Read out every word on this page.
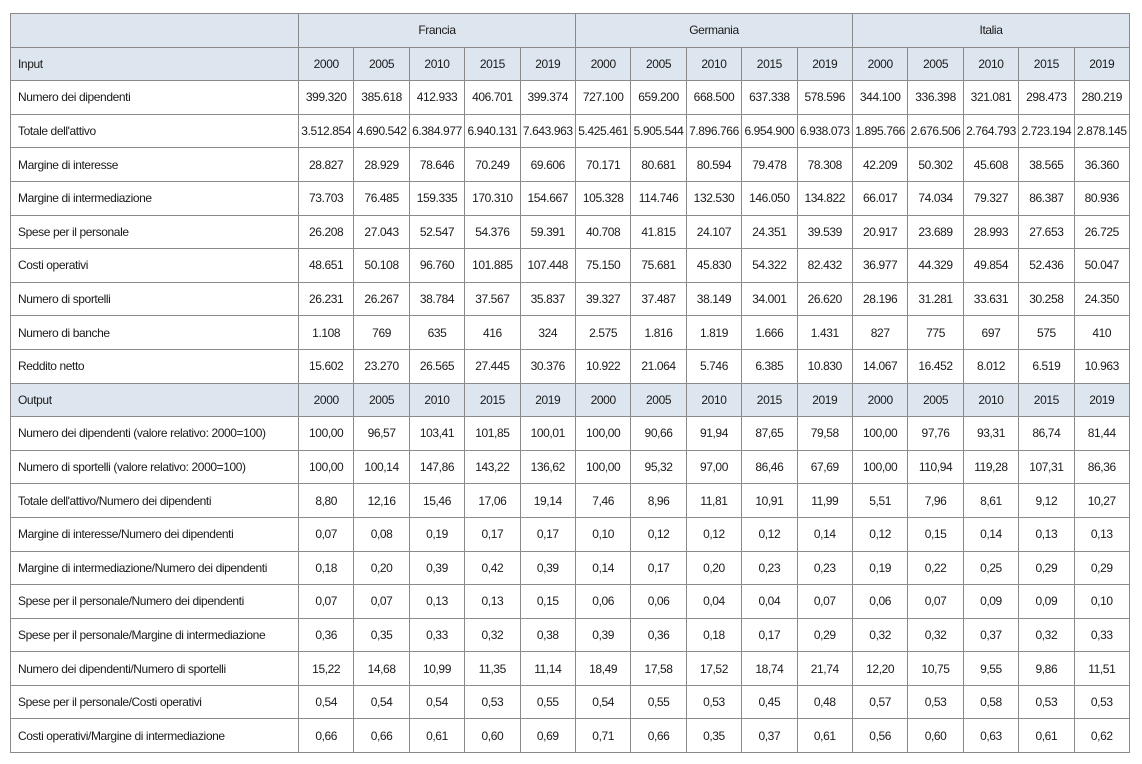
	Francia					Germania					Italia				
Input	2000	2005	2010	2015	2019	2000	2005	2010	2015	2019	2000	2005	2010	2015	2019
Numero dei dipendenti	399.320	385.618	412.933	406.701	399.374	727.100	659.200	668.500	637.338	578.596	344.100	336.398	321.081	298.473	280.219
Totale dell'attivo	3.512.854	4.690.542	6.384.977	6.940.131	7.643.963	5.425.461	5.905.544	7.896.766	6.954.900	6.938.073	1.895.766	2.676.506	2.764.793	2.723.194	2.878.145
Margine di interesse	28.827	28.929	78.646	70.249	69.606	70.171	80.681	80.594	79.478	78.308	42.209	50.302	45.608	38.565	36.360
Margine di intermediazione	73.703	76.485	159.335	170.310	154.667	105.328	114.746	132.530	146.050	134.822	66.017	74.034	79.327	86.387	80.936
Spese per il personale	26.208	27.043	52.547	54.376	59.391	40.708	41.815	24.107	24.351	39.539	20.917	23.689	28.993	27.653	26.725
Costi operativi	48.651	50.108	96.760	101.885	107.448	75.150	75.681	45.830	54.322	82.432	36.977	44.329	49.854	52.436	50.047
Numero di sportelli	26.231	26.267	38.784	37.567	35.837	39.327	37.487	38.149	34.001	26.620	28.196	31.281	33.631	30.258	24.350
Numero di banche	1.108	769	635	416	324	2.575	1.816	1.819	1.666	1.431	827	775	697	575	410
Reddito netto	15.602	23.270	26.565	27.445	30.376	10.922	21.064	5.746	6.385	10.830	14.067	16.452	8.012	6.519	10.963
Output	2000	2005	2010	2015	2019	2000	2005	2010	2015	2019	2000	2005	2010	2015	2019
Numero dei dipendenti (valore relativo: 2000=100)	100,00	96,57	103,41	101,85	100,01	100,00	90,66	91,94	87,65	79,58	100,00	97,76	93,31	86,74	81,44
Numero di sportelli (valore relativo: 2000=100)	100,00	100,14	147,86	143,22	136,62	100,00	95,32	97,00	86,46	67,69	100,00	110,94	119,28	107,31	86,36
Totale dell'attivo/Numero dei dipendenti	8,80	12,16	15,46	17,06	19,14	7,46	8,96	11,81	10,91	11,99	5,51	7,96	8,61	9,12	10,27
Margine di interesse/Numero dei dipendenti	0,07	0,08	0,19	0,17	0,17	0,10	0,12	0,12	0,12	0,14	0,12	0,15	0,14	0,13	0,13
Margine di intermediazione/Numero dei dipendenti	0,18	0,20	0,39	0,42	0,39	0,14	0,17	0,20	0,23	0,23	0,19	0,22	0,25	0,29	0,29
Spese per il personale/Numero dei dipendenti	0,07	0,07	0,13	0,13	0,15	0,06	0,06	0,04	0,04	0,07	0,06	0,07	0,09	0,09	0,10
Spese per il personale/Margine di intermediazione	0,36	0,35	0,33	0,32	0,38	0,39	0,36	0,18	0,17	0,29	0,32	0,32	0,37	0,32	0,33
Numero dei dipendenti/Numero di sportelli	15,22	14,68	10,99	11,35	11,14	18,49	17,58	17,52	18,74	21,74	12,20	10,75	9,55	9,86	11,51
Spese per il personale/Costi operativi	0,54	0,54	0,54	0,53	0,55	0,54	0,55	0,53	0,45	0,48	0,57	0,53	0,58	0,53	0,53
Costi operativi/Margine di intermediazione	0,66	0,66	0,61	0,60	0,69	0,71	0,66	0,35	0,37	0,61	0,56	0,60	0,63	0,61	0,62
